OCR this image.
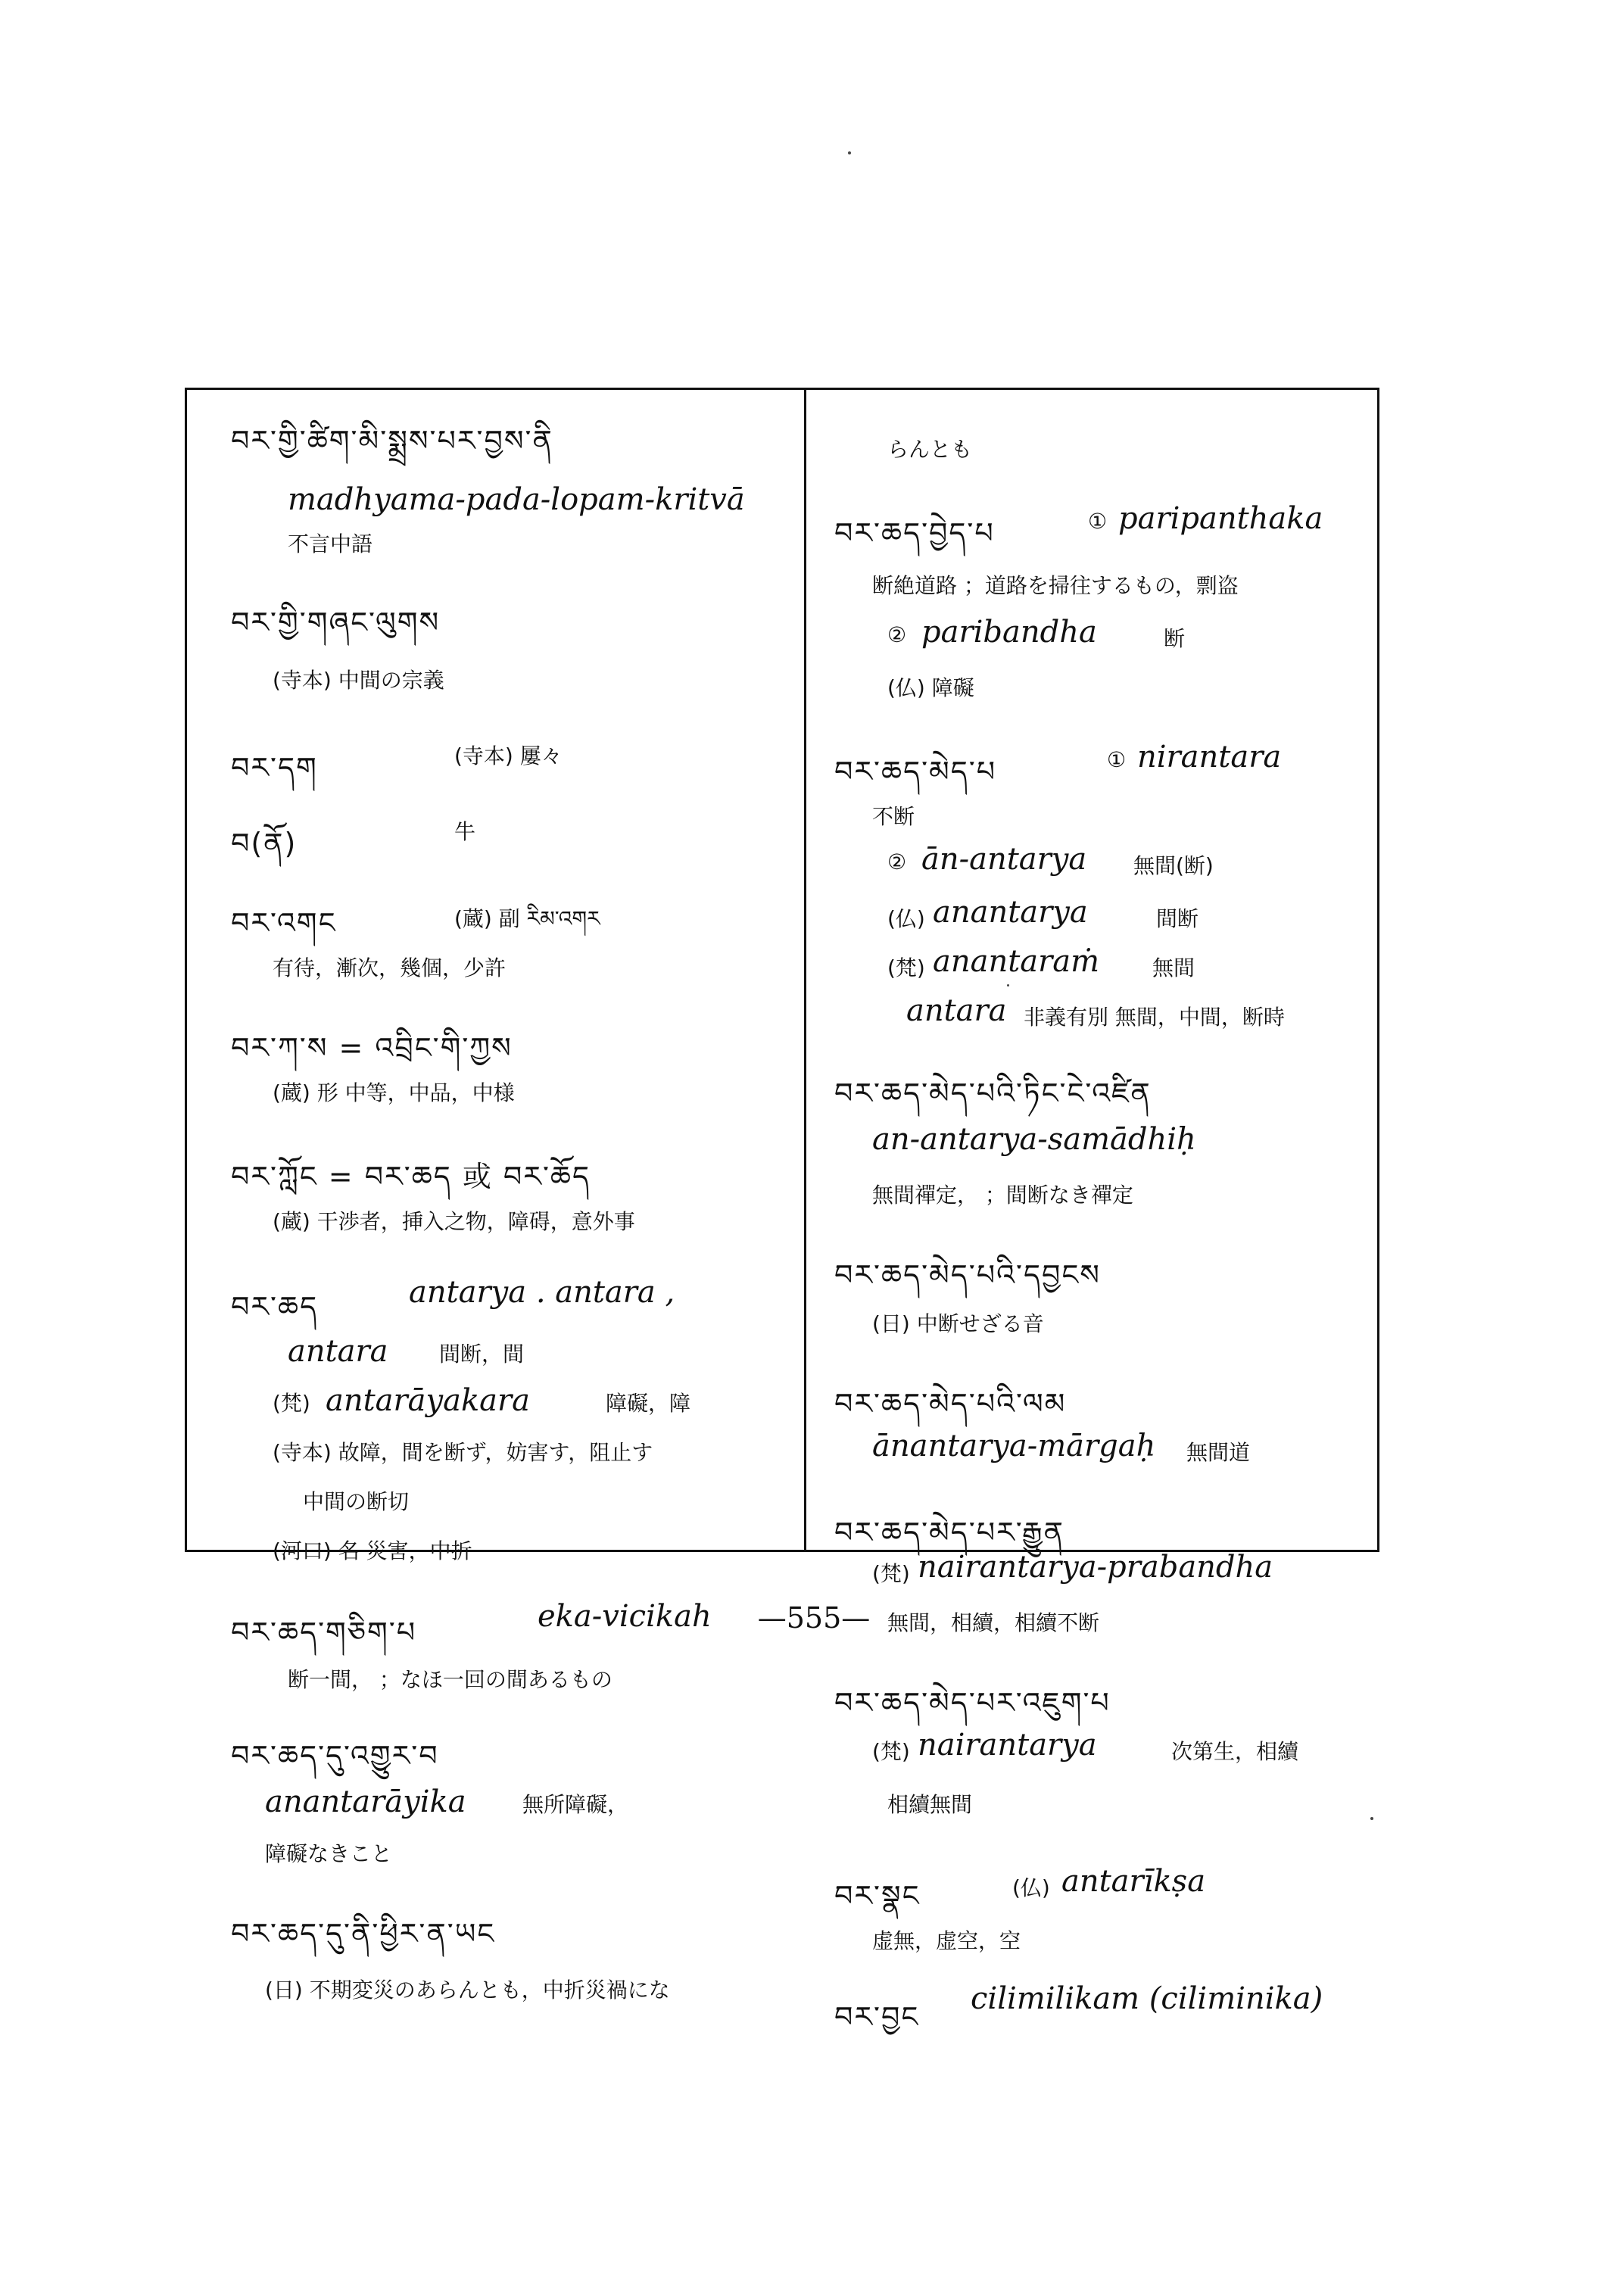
བར་གྱི་ཚིག་མི་སྨྲས་པར་བྱས་ནི
madhyama-pada-lopam-kritvā
不言中語
བར་གྱི་གཞང་ལུགས
(寺本) 中間の宗義
བར་དག	(寺本) 屢々
བ(ནོ)	牛
བར་འགང	(蔵) 副 རིམ་འགར
有待，漸次，幾個，少許
བར་ཀ་ས = འབྲིང་གི་ཀྱས
(蔵) 形 中等，中品，中様
བར་ཀློང = བར་ཆད 或 བར་ཆོད
(蔵) 干渉者，挿入之物，障碍，意外事
བར་ཆད	antarya . antara ,
antara 間断，間
(梵) antarāyakara	障礙，障
(寺本) 故障，間を断ず，妨害す，阻止す
中間の断切
(河口) 名 災害，中折
བར་ཆད་གཅིག་པ	eka-vicikah
断一間， ；なほ一回の間あるもの
བར་ཆད་དུ་འགྱུར་བ
anantarāyika	無所障礙，
障礙なきこと
བར་ཆད་དུ་ནི་ཕྱིར་ན་ཡང
(日) 不期変災のあらんとも，中折災禍にな
らんとも
བར་ཆད་བྱེད་པ	① paripanthaka
断絶道路 ；道路を掃往するもの，剽盗
② paribandha	断
(仏) 障礙
བར་ཆད་མེད་པ	① nirantara
不断
② ān-antarya 無間(断)
(仏) anantarya	間断
(梵) anantaraṁ 無間
antara 非義有別 無間，中間，断時
བར་ཆད་མེད་པའི་ཏིང་ངེ་འཛིན
an-antarya-samādhiḥ
無間禪定， ；間断なき禪定
བར་ཆད་མེད་པའི་དབྱངས
(日) 中断せざる音
བར་ཆད་མེད་པའི་ལམ
ānantarya-mārgaḥ 無間道
བར་ཆད་མེད་པར་རྒྱུན
(梵) nairantarya-prabandha
無間，相續，相續不断
བར་ཆད་མེད་པར་འཇུག་པ
(梵) nairantarya	次第生，相續
相續無間
བར་སྣང	(仏) antarīkṣa
虚無，虚空，空
བར་བྱང
cilimilikam (ciliminika)
—555—
